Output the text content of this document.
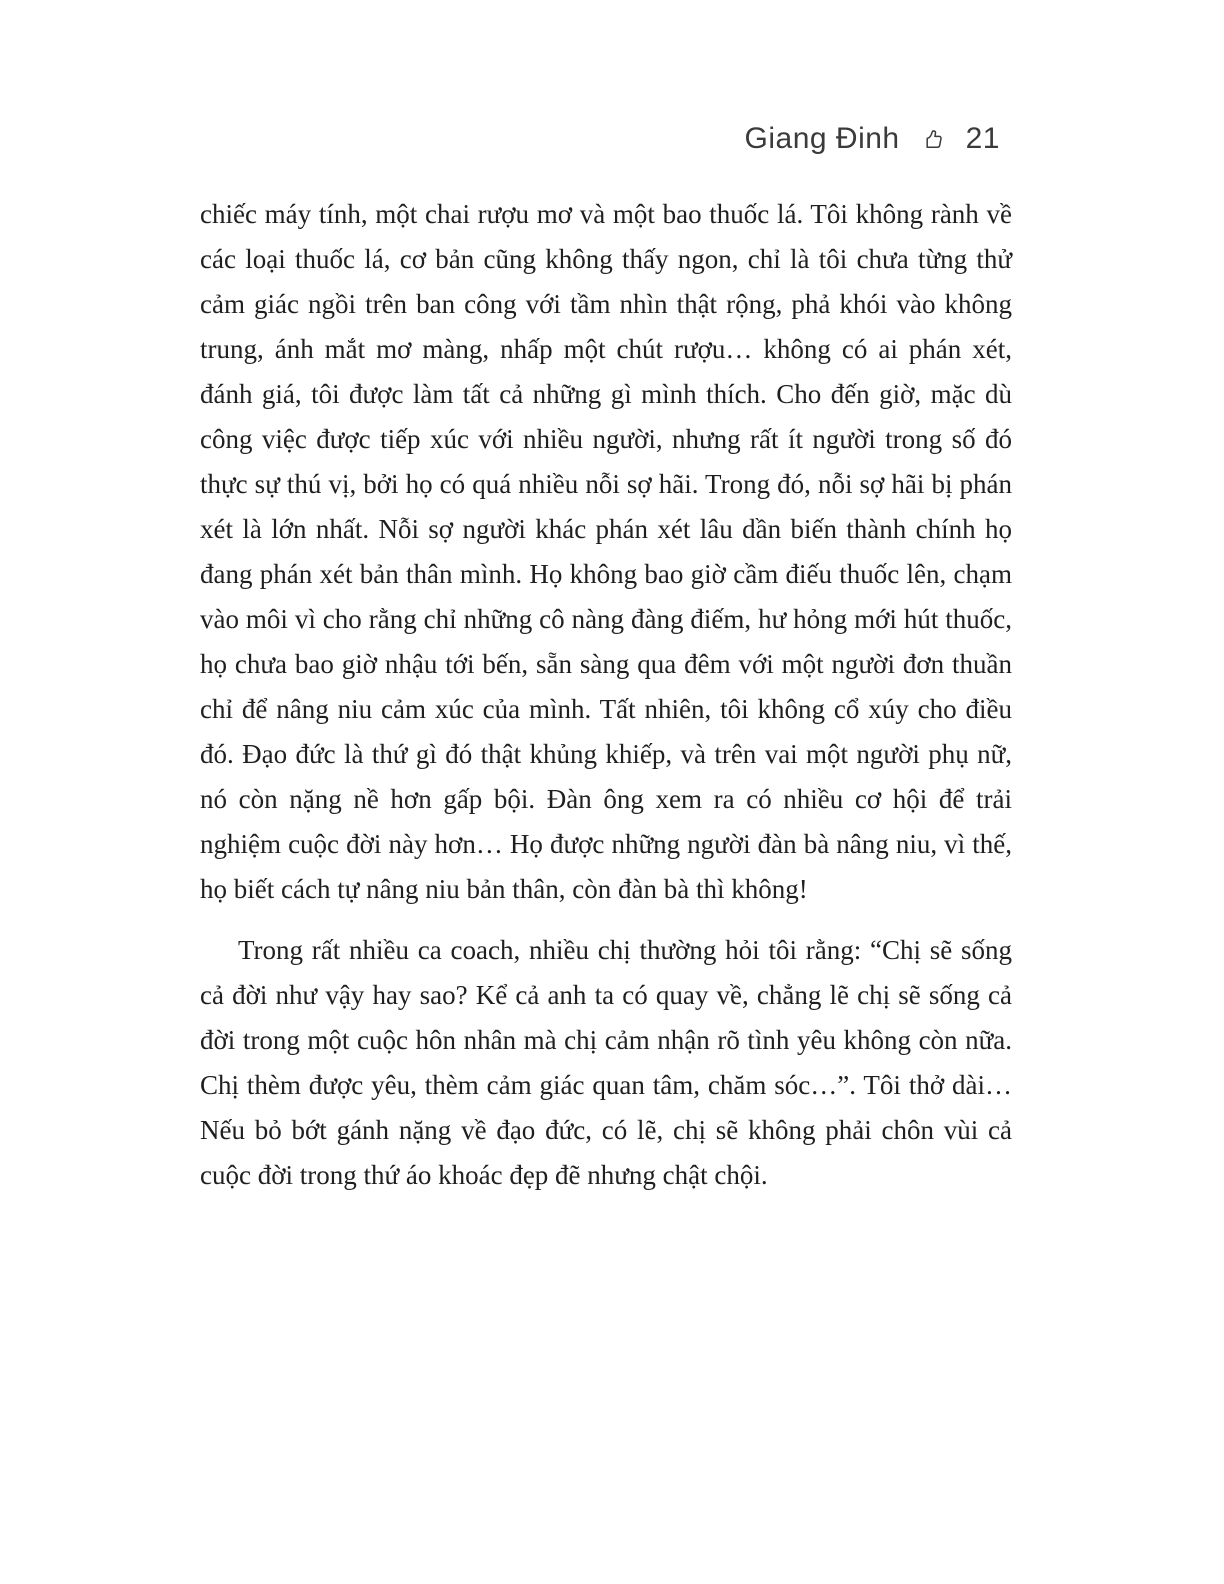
Giang Đinh 21

chiếc máy tính, một chai rượu mơ và một bao thuốc lá. Tôi không rành về các loại thuốc lá, cơ bản cũng không thấy ngon, chỉ là tôi chưa từng thử cảm giác ngồi trên ban công với tầm nhìn thật rộng, phả khói vào không trung, ánh mắt mơ màng, nhấp một chút rượu… không có ai phán xét, đánh giá, tôi được làm tất cả những gì mình thích. Cho đến giờ, mặc dù công việc được tiếp xúc với nhiều người, nhưng rất ít người trong số đó thực sự thú vị, bởi họ có quá nhiều nỗi sợ hãi. Trong đó, nỗi sợ hãi bị phán xét là lớn nhất. Nỗi sợ người khác phán xét lâu dần biến thành chính họ đang phán xét bản thân mình. Họ không bao giờ cầm điếu thuốc lên, chạm vào môi vì cho rằng chỉ những cô nàng đàng điếm, hư hỏng mới hút thuốc, họ chưa bao giờ nhậu tới bến, sẵn sàng qua đêm với một người đơn thuần chỉ để nâng niu cảm xúc của mình. Tất nhiên, tôi không cổ xúy cho điều đó. Đạo đức là thứ gì đó thật khủng khiếp, và trên vai một người phụ nữ, nó còn nặng nề hơn gấp bội. Đàn ông xem ra có nhiều cơ hội để trải nghiệm cuộc đời này hơn… Họ được những người đàn bà nâng niu, vì thế, họ biết cách tự nâng niu bản thân, còn đàn bà thì không!

Trong rất nhiều ca coach, nhiều chị thường hỏi tôi rằng: “Chị sẽ sống cả đời như vậy hay sao? Kể cả anh ta có quay về, chẳng lẽ chị sẽ sống cả đời trong một cuộc hôn nhân mà chị cảm nhận rõ tình yêu không còn nữa. Chị thèm được yêu, thèm cảm giác quan tâm, chăm sóc…”. Tôi thở dài… Nếu bỏ bớt gánh nặng về đạo đức, có lẽ, chị sẽ không phải chôn vùi cả cuộc đời trong thứ áo khoác đẹp đẽ nhưng chật chội.
